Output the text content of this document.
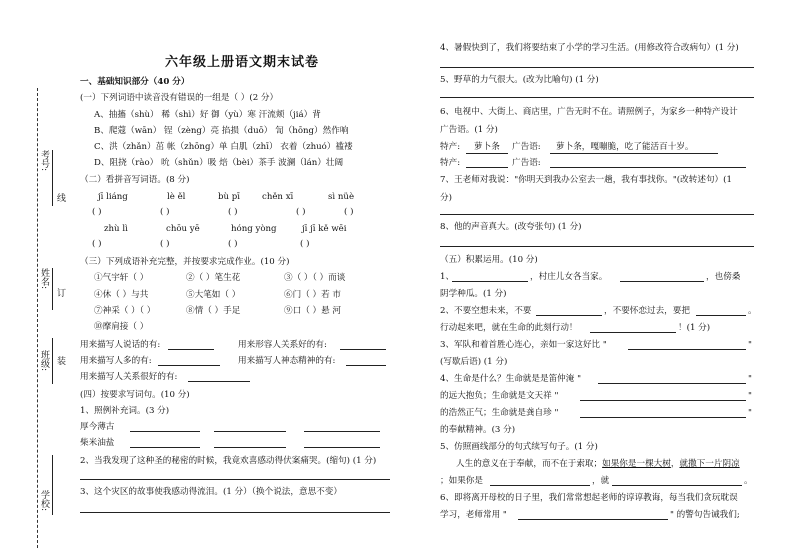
考号:
线
姓名:
订
班级: 装
学校:
六年级上册语文期末试卷
一、基础知识部分（40 分）
(一）下列词语中读音没有错误的一组是（ ）(2 分）
A、抽搐（shù） 稀（shì）好 御（yù）寒 汗流颊（jiá）背
B、爬蔻（wān） 锃（zèng）亮 掐损（duō） 訇（hōng）然作响
C、洪（zhǎn）茁 帐（zhōng）单 白肌（zhī） 衣着（zhuó）褴褛
D、阻挠（rào） 吮（shǔn）吸 焙（bèi）茶手 波澜（lán）壮阔
（二）看拼音写词语。(8 分)
jī liáng	lè ěl	bù pī	chěn xī	sì nüè
( )	( )	( )	( )	( )
zhù lì	chōu yē	hóng yòng	jī jī kě wēi
( )	( )	( )	( )
（三）下列成语补充完整，并按要求完成作业。(10 分)
①气宇轩（ ）	②（ ）笔生花	③（ ）（ ）而谈
④休（ ）与共	⑤大笔如（ ）	⑥门（ ）若 市
⑦神采（ ）（ ）	⑧情（ ）手足	⑨口（ ）悬 河
⑩摩肩接（ ）
用来描写人说话的有:	用来形容人关系好的有:
用来描写人多的有:	用来描写人神态精神的有:
用来描写人关系很好的有:
(四）按要求写词句。(10 分)
1、照例补充词。(3 分)
厚今薄古
柴米油盐
2、当我发现了这种圣的秘密的时候，我竟欢喜感动得伏案痛哭。(缩句) (1 分)
3、这个灾区的故事使我感动得流泪。(1 分）（换个说法，意思不变）
4、暑假快到了，我们将要结束了小学的学习生活。(用修改符合改病句）(1 分)
5、野草的力气很大。(改为比喻句) (1 分)
6、电视中、大街上、商店里，广告无时不在。请照例子，为家乡一种特产设计
广告语。(1 分)
特产:	萝卜条	广告语:	萝卜条，嘎嘣脆，吃了能活百十岁。
特产:	广告语:
7、王老师对我说："你明天到我办公室去一趟，我有事找你。"(改转述句）(1
分)
8、他的声音真大。(改夸张句) (1 分)
（五）积累运用。(10 分)
1、	，村庄儿女各当家。	，也傍桑
阴学种瓜。(1 分)
2、不要空想未来，不要	，不要怀恋过去，要把	。
行动起来吧，就在生命的此刻行动！	！(1 分)
3、军队和着首胜心连心，亲如一家这好比 "	"
(写歇后语) (1 分)
4、生命是什么？生命就是是笛仲淹 "	"
的远大抱负；生命就是文天祥 "	"
的浩然正气；生命就是龚自珍 "	"
的奉献精神。(3 分)
5、仿照画线部分的句式续写句子。(1 分)
人生的意义在于奉献，而不在于索取；如果你是一棵大树，就撒下一片阴凉
；如果你是	，就	。
6、即将离开母校的日子里，我们常常想起老师的谆谆教诲，每当我们贪玩耽误
学习，老师常用 "	" 的警句告诫我们;
